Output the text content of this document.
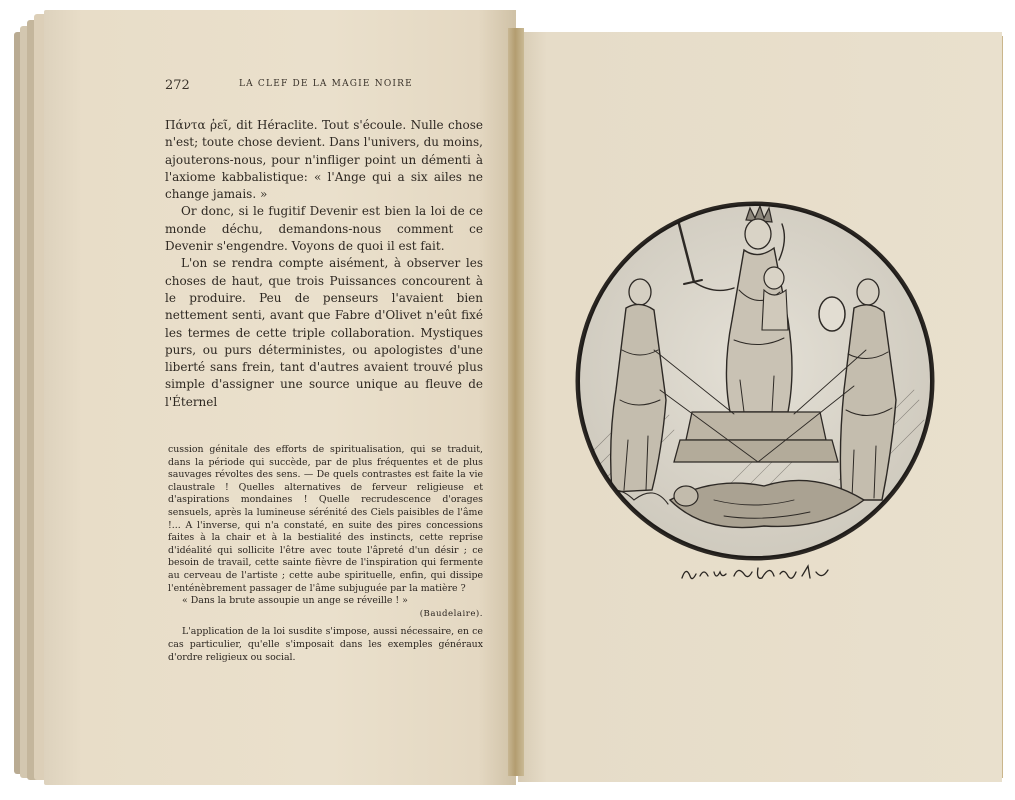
272	LA CLEF DE LA MAGIE NOIRE

Πάντα ῥεῖ, dit Héraclite. Tout s'écoule. Nulle chose n'est; toute chose devient. Dans l'univers, du moins, ajouterons-nous, pour n'infliger point un démenti à l'axiome kabbalistique: « l'Ange qui a six ailes ne change jamais. »

Or donc, si le fugitif Devenir est bien la loi de ce monde déchu, demandons-nous comment ce Devenir s'engendre. Voyons de quoi il est fait.

L'on se rendra compte aisément, à observer les choses de haut, que trois Puissances concourent à le produire. Peu de penseurs l'avaient bien nettement senti, avant que Fabre d'Olivet n'eût fixé les termes de cette triple collaboration. Mystiques purs, ou purs déterministes, ou apologistes d'une liberté sans frein, tant d'autres avaient trouvé plus simple d'assigner une source unique au fleuve de l'Éternel

cussion génitale des efforts de spiritualisation, qui se traduit, dans la période qui succède, par de plus fréquentes et de plus sauvages révoltes des sens. — De quels contrastes est faite la vie claustrale ! Quelles alternatives de ferveur religieuse et d'aspirations mondaines ! Quelle recrudescence d'orages sensuels, après la lumineuse sérénité des Ciels paisibles de l'âme !... A l'inverse, qui n'a constaté, en suite des pires concessions faites à la chair et à la bestialité des instincts, cette reprise d'idéalité qui sollicite l'être avec toute l'âpreté d'un désir ; ce besoin de travail, cette sainte fièvre de l'inspiration qui fermente au cerveau de l'artiste ; cette aube spirituelle, enfin, qui dissipe l'enténèbrement passager de l'âme subjuguée par la matière ?

« Dans la brute assoupie un ange se réveille ! »

(Baudelaire).

L'application de la loi susdite s'impose, aussi nécessaire, en ce cas particulier, qu'elle s'imposait dans les exemples généraux d'ordre religieux ou social.
